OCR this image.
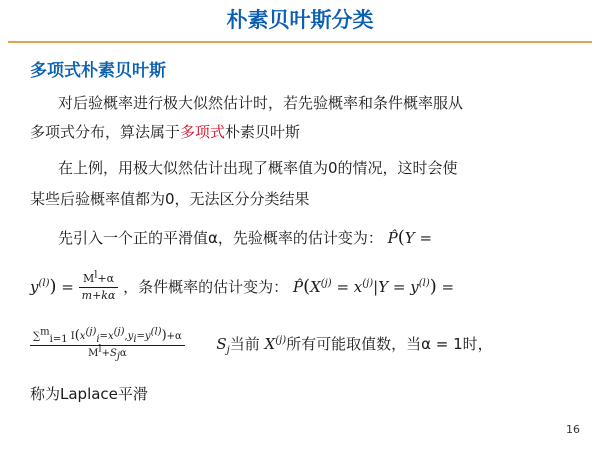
朴素贝叶斯分类
多项式朴素贝叶斯
对后验概率进行极大似然估计时，若先验概率和条件概率服从
多项式分布，算法属于多项式朴素贝叶斯
在上例，用极大似然估计出现了概率值为0的情况，这时会使
某些后验概率值都为0，无法区分分类结果
先引入一个正的平滑值α，先验概率的估计变为： P̂(Y =
$y^{(l)}) = \frac{M^l+\alpha}{m+k\alpha}$ ，条件概率的估计变为： $P̂(X^{(j)} = x^{(j)}|Y = y^{(l)})$ =
$\frac{\sum^m_{i=1} I(x^{(j)}_i=x^{(j)},y_i=y^{(l)})+\alpha}{M^l+S_j\alpha} S_j$当前 $X^{(j)}$所有可能取值数，当α = 1时，
称为Laplace平滑
16
